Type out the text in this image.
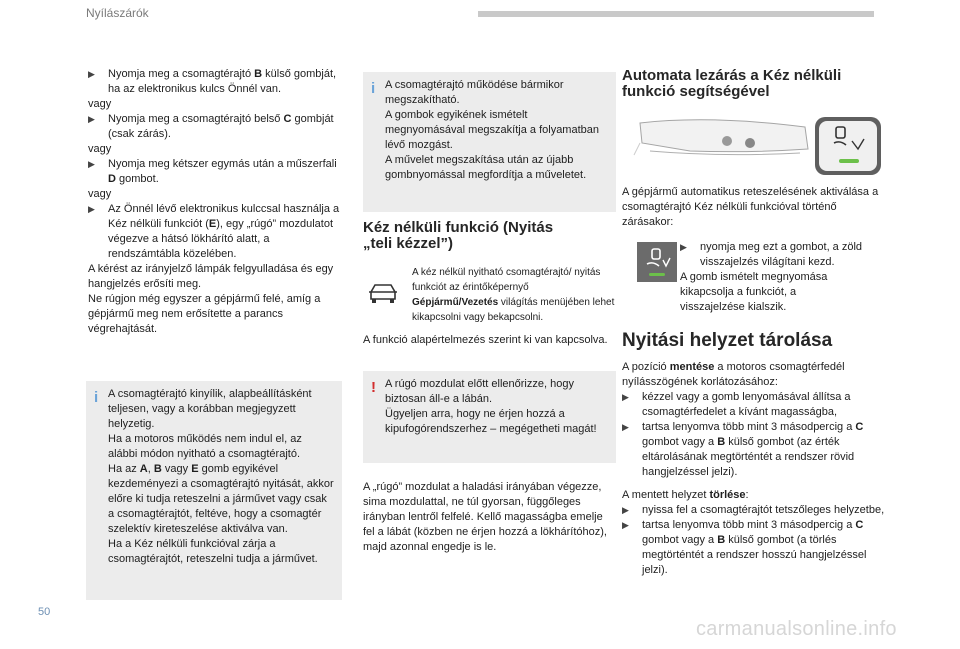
Nyílászárók
▶ Nyomja meg a csomagtérajtó B külső gombját, ha az elektronikus kulcs Önnél van.
vagy
▶ Nyomja meg a csomagtérajtó belső C gombját (csak zárás).
vagy
▶ Nyomja meg kétszer egymás után a műszerfali D gombot.
vagy
▶ Az Önnél lévő elektronikus kulccsal használja a Kéz nélküli funkciót (E), egy „rúgó” mozdulatot végezve a hátsó lökhárító alatt, a rendszámtábla közelében.
A kérést az irányjelző lámpák felgyulladása és egy hangjelzés erősíti meg.
Ne rúgjon még egyszer a gépjármű felé, amíg a gépjármű meg nem erősítette a parancs végrehajtását.
i A csomagtérajtó kinyílik, alapbeállításként teljesen, vagy a korábban megjegyzett helyzetig.
Ha a motoros működés nem indul el, az alábbi módon nyitható a csomagtérajtó.
Ha az A, B vagy E gomb egyikével kezdeményezi a csomagtérajtó nyitását, akkor előre ki tudja reteszelni a járművet vagy csak a csomagtérajtót, feltéve, hogy a csomagtér szelektív kireteszelése aktiválva van.
Ha a Kéz nélküli funkcióval zárja a csomagtérajtót, reteszelni tudja a járművet.
i A csomagtérajtó működése bármikor megszakítható.
A gombok egyikének ismételt megnyomásával megszakítja a folyamatban lévő mozgást.
A művelet megszakítása után az újabb gombnyomással megfordítja a műveletet.
Kéz nélküli funkció (Nyitás „teli kézzel”)
A kéz nélkül nyitható csomagtérajtó/ nyitás funkciót az érintőképernyő Gépjármű/Vezetés világítás menüjében lehet kikapcsolni vagy bekapcsolni.
A funkció alapértelmezés szerint ki van kapcsolva.
! A rúgó mozdulat előtt ellenőrizze, hogy biztosan áll-e a lábán.
Ügyeljen arra, hogy ne érjen hozzá a kipufogórendszerhez – megégetheti magát!
A „rúgó” mozdulat a haladási irányában végezze, sima mozdulattal, ne túl gyorsan, függőleges irányban lentről felfelé. Kellő magasságba emelje fel a lábát (közben ne érjen hozzá a lökhárítóhoz), majd azonnal engedje is le.
Automata lezárás a Kéz nélküli funkció segítségével
A gépjármű automatikus reteszelésének aktiválása a csomagtérajtó Kéz nélküli funkcióval történő zárásakor:
▶ nyomja meg ezt a gombot, a zöld visszajelzés világítani kezd.
A gomb ismételt megnyomása kikapcsolja a funkciót, a visszajelzése kialszik.
Nyitási helyzet tárolása
A pozíció mentése a motoros csomagtérfedél nyílásszögének korlátozásához:
▶ kézzel vagy a gomb lenyomásával állítsa a csomagtérfedelet a kívánt magasságba,
▶ tartsa lenyomva több mint 3 másodpercig a C gombot vagy a B külső gombot (az érték eltárolásának megtörténtét a rendszer rövid hangjelzéssel jelzi).
A mentett helyzet törlése:
▶ nyissa fel a csomagtérajtót tetszőleges helyzetbe,
▶ tartsa lenyomva több mint 3 másodpercig a C gombot vagy a B külső gombot (a törlés megtörténtét a rendszer hosszú hangjelzéssel jelzi).
50
carmanualsonline.info
